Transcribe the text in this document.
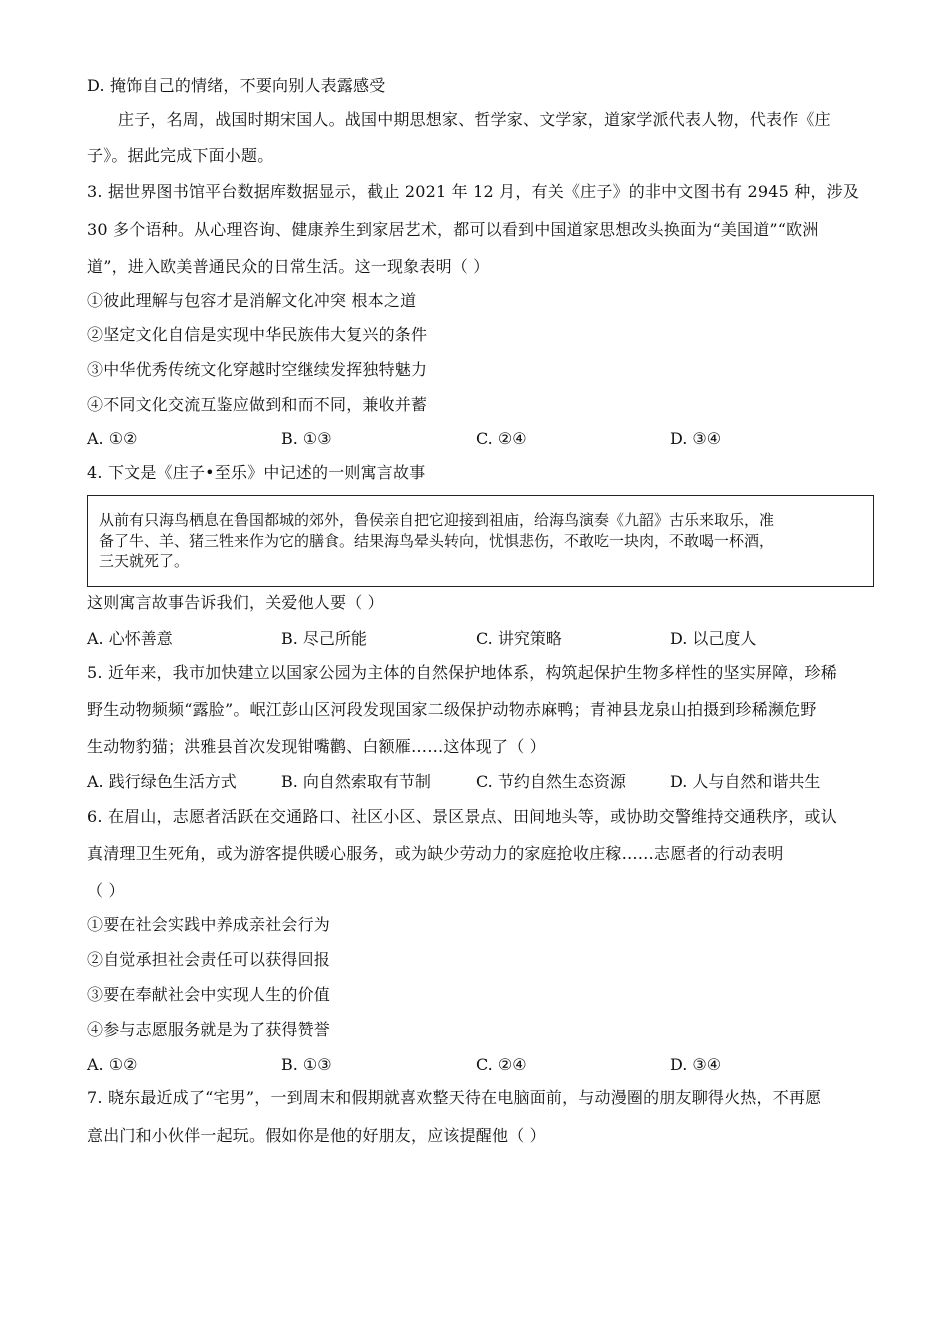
D. 掩饰自己的情绪，不要向别人表露感受
庄子，名周，战国时期宋国人。战国中期思想家、哲学家、文学家，道家学派代表人物，代表作《庄
子》。据此完成下面小题。
3. 据世界图书馆平台数据库数据显示，截止 2021 年 12 月，有关《庄子》的非中文图书有 2945 种，涉及
30 多个语种。从心理咨询、健康养生到家居艺术，都可以看到中国道家思想改头换面为“美国道”“欧洲
道”，进入欧美普通民众的日常生活。这一现象表明（ ）
①彼此理解与包容才是消解文化冲突 根本之道
②坚定文化自信是实现中华民族伟大复兴的条件
③中华优秀传统文化穿越时空继续发挥独特魅力
④不同文化交流互鉴应做到和而不同，兼收并蓄
A. ①②	B. ①③	C. ②④	D. ③④
4. 下文是《庄子•至乐》中记述的一则寓言故事
从前有只海鸟栖息在鲁国都城的郊外，鲁侯亲自把它迎接到祖庙，给海鸟演奏《九韶》古乐来取乐，准
备了牛、羊、猪三牲来作为它的膳食。结果海鸟晕头转向，忧惧悲伤，不敢吃一块肉，不敢喝一杯酒，
三天就死了。
这则寓言故事告诉我们，关爱他人要（ ）
A. 心怀善意	B. 尽己所能	C. 讲究策略	D. 以己度人
5. 近年来，我市加快建立以国家公园为主体的自然保护地体系，构筑起保护生物多样性的坚实屏障，珍稀
野生动物频频“露脸”。岷江彭山区河段发现国家二级保护动物赤麻鸭；青神县龙泉山拍摄到珍稀濒危野
生动物豹猫；洪雅县首次发现钳嘴鹳、白额雁……这体现了（ ）
A. 践行绿色生活方式	B. 向自然索取有节制	C. 节约自然生态资源	D. 人与自然和谐共生
6. 在眉山，志愿者活跃在交通路口、社区小区、景区景点、田间地头等，或协助交警维持交通秩序，或认
真清理卫生死角，或为游客提供暖心服务，或为缺少劳动力的家庭抢收庄稼……志愿者的行动表明
（ ）
①要在社会实践中养成亲社会行为
②自觉承担社会责任可以获得回报
③要在奉献社会中实现人生的价值
④参与志愿服务就是为了获得赞誉
A. ①②	B. ①③	C. ②④	D. ③④
7. 晓东最近成了“宅男”，一到周末和假期就喜欢整天待在电脑面前，与动漫圈的朋友聊得火热，不再愿
意出门和小伙伴一起玩。假如你是他的好朋友，应该提醒他（ ）
